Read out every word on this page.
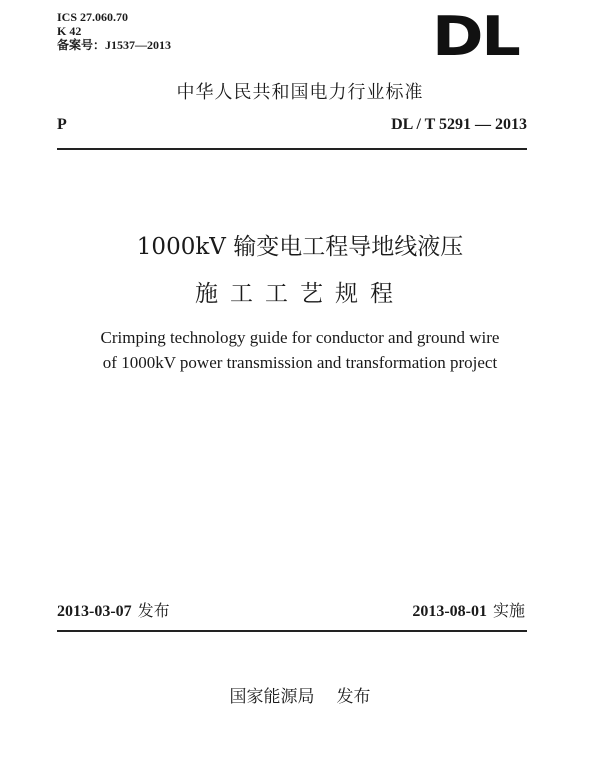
ICS 27.060.70
K 42
备案号：J1537—2013	DL
中华人民共和国电力行业标准
P	DL / T 5291 — 2013
1000kV 输变电工程导地线液压
施工工艺规程
Crimping technology guide for conductor and ground wire
of 1000kV power transmission and transformation project
2013-03-07 发布	2013-08-01 实施
国家能源局 发布
